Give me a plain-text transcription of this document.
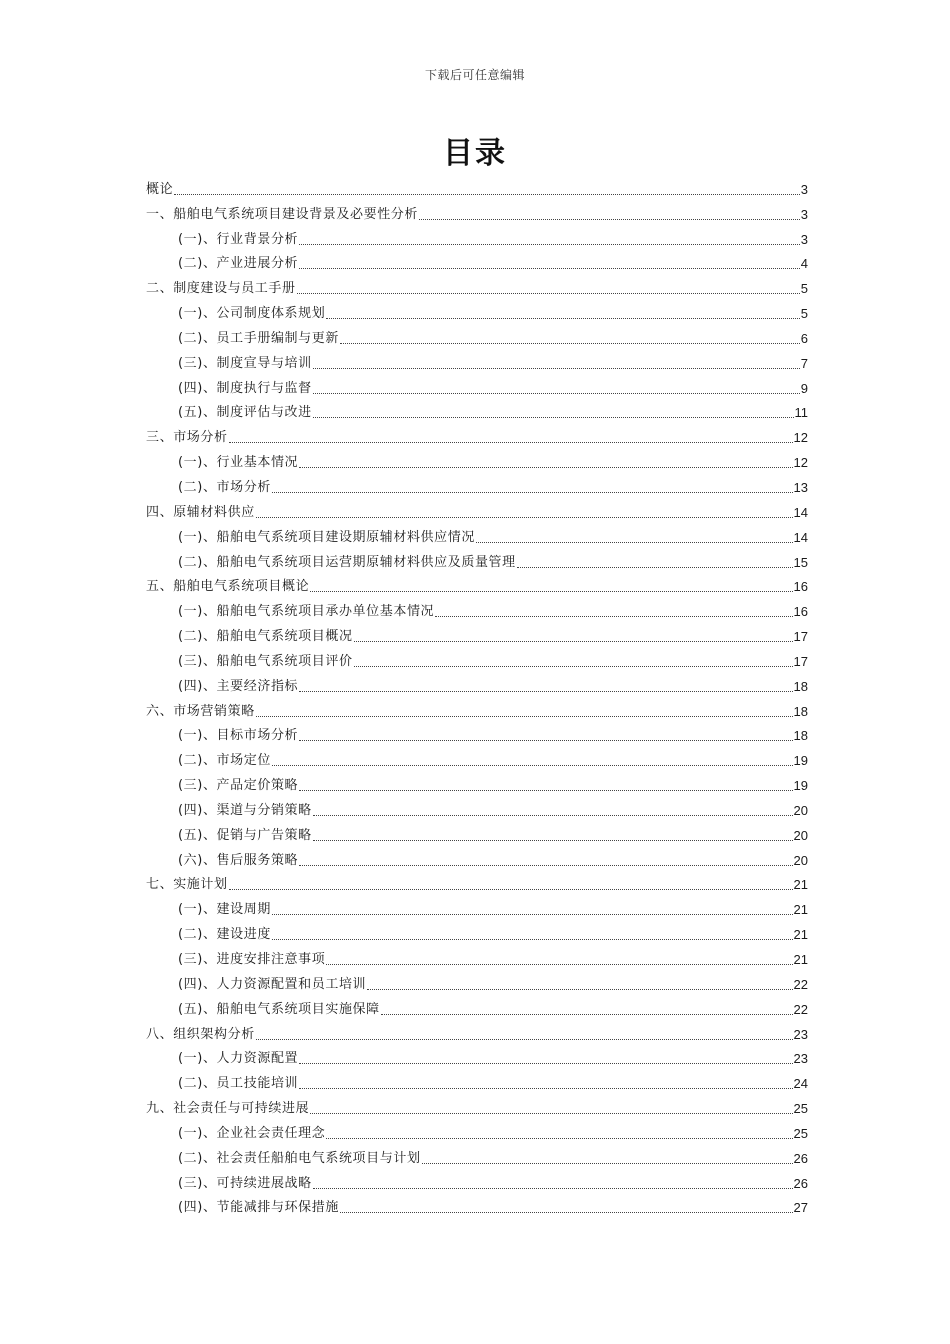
下载后可任意编辑
目录
概论	3
一、船舶电气系统项目建设背景及必要性分析	3
(一)、行业背景分析	3
(二)、产业进展分析	4
二、制度建设与员工手册	5
(一)、公司制度体系规划	5
(二)、员工手册编制与更新	6
(三)、制度宣导与培训	7
(四)、制度执行与监督	9
(五)、制度评估与改进	11
三、市场分析	12
(一)、行业基本情况	12
(二)、市场分析	13
四、原辅材料供应	14
(一)、船舶电气系统项目建设期原辅材料供应情况	14
(二)、船舶电气系统项目运营期原辅材料供应及质量管理	15
五、船舶电气系统项目概论	16
(一)、船舶电气系统项目承办单位基本情况	16
(二)、船舶电气系统项目概况	17
(三)、船舶电气系统项目评价	17
(四)、主要经济指标	18
六、市场营销策略	18
(一)、目标市场分析	18
(二)、市场定位	19
(三)、产品定价策略	19
(四)、渠道与分销策略	20
(五)、促销与广告策略	20
(六)、售后服务策略	20
七、实施计划	21
(一)、建设周期	21
(二)、建设进度	21
(三)、进度安排注意事项	21
(四)、人力资源配置和员工培训	22
(五)、船舶电气系统项目实施保障	22
八、组织架构分析	23
(一)、人力资源配置	23
(二)、员工技能培训	24
九、社会责任与可持续进展	25
(一)、企业社会责任理念	25
(二)、社会责任船舶电气系统项目与计划	26
(三)、可持续进展战略	26
(四)、节能减排与环保措施	27
